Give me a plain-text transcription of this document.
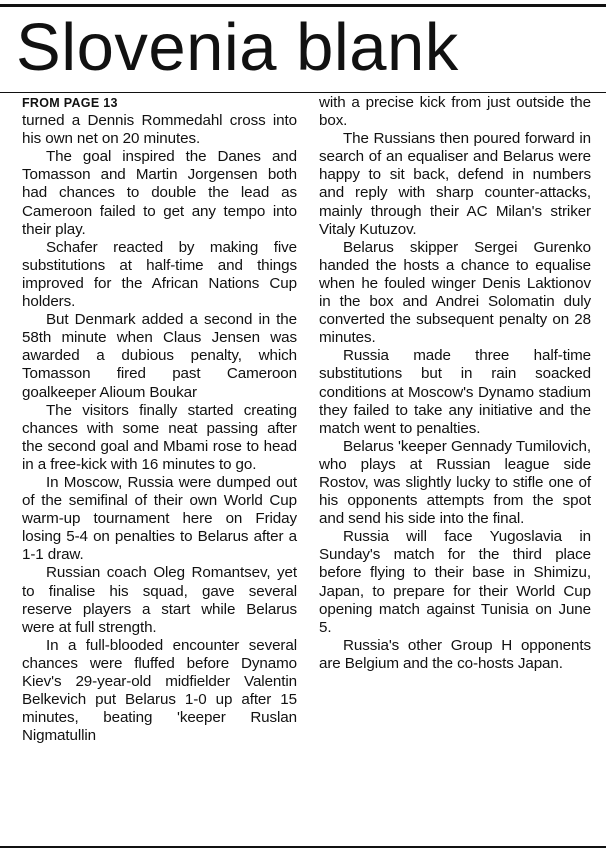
Slovenia blank
FROM PAGE 13

turned a Dennis Rommedahl cross into his own net on 20 minutes.

The goal inspired the Danes and Tomasson and Martin Jorgensen both had chances to double the lead as Cameroon failed to get any tempo into their play.

Schafer reacted by making five substitutions at half-time and things improved for the African Nations Cup holders.

But Denmark added a second in the 58th minute when Claus Jensen was awarded a dubious penalty, which Tomasson fired past Cameroon goalkeeper Alioum Boukar

The visitors finally started creating chances with some neat passing after the second goal and Mbami rose to head in a free-kick with 16 minutes to go.

In Moscow, Russia were dumped out of the semifinal of their own World Cup warm-up tournament here on Friday losing 5-4 on penalties to Belarus after a 1-1 draw.

Russian coach Oleg Romantsev, yet to finalise his squad, gave several reserve players a start while Belarus were at full strength.

In a full-blooded encounter several chances were fluffed before Dynamo Kiev's 29-year-old midfielder Valentin Belkevich put Belarus 1-0 up after 15 minutes, beating 'keeper Ruslan Nigmatullin

with a precise kick from just outside the box.

The Russians then poured forward in search of an equaliser and Belarus were happy to sit back, defend in numbers and reply with sharp counter-attacks, mainly through their AC Milan's striker Vitaly Kutuzov.

Belarus skipper Sergei Gurenko handed the hosts a chance to equalise when he fouled winger Denis Laktionov in the box and Andrei Solomatin duly converted the subsequent penalty on 28 minutes.

Russia made three half-time substitutions but in rain soacked conditions at Moscow's Dynamo stadium they failed to take any initiative and the match went to penalties.

Belarus 'keeper Gennady Tumilovich, who plays at Russian league side Rostov, was slightly lucky to stifle one of his opponents attempts from the spot and send his side into the final.

Russia will face Yugoslavia in Sunday's match for the third place before flying to their base in Shimizu, Japan, to prepare for their World Cup opening match against Tunisia on June 5.

Russia's other Group H opponents are Belgium and the co-hosts Japan.
